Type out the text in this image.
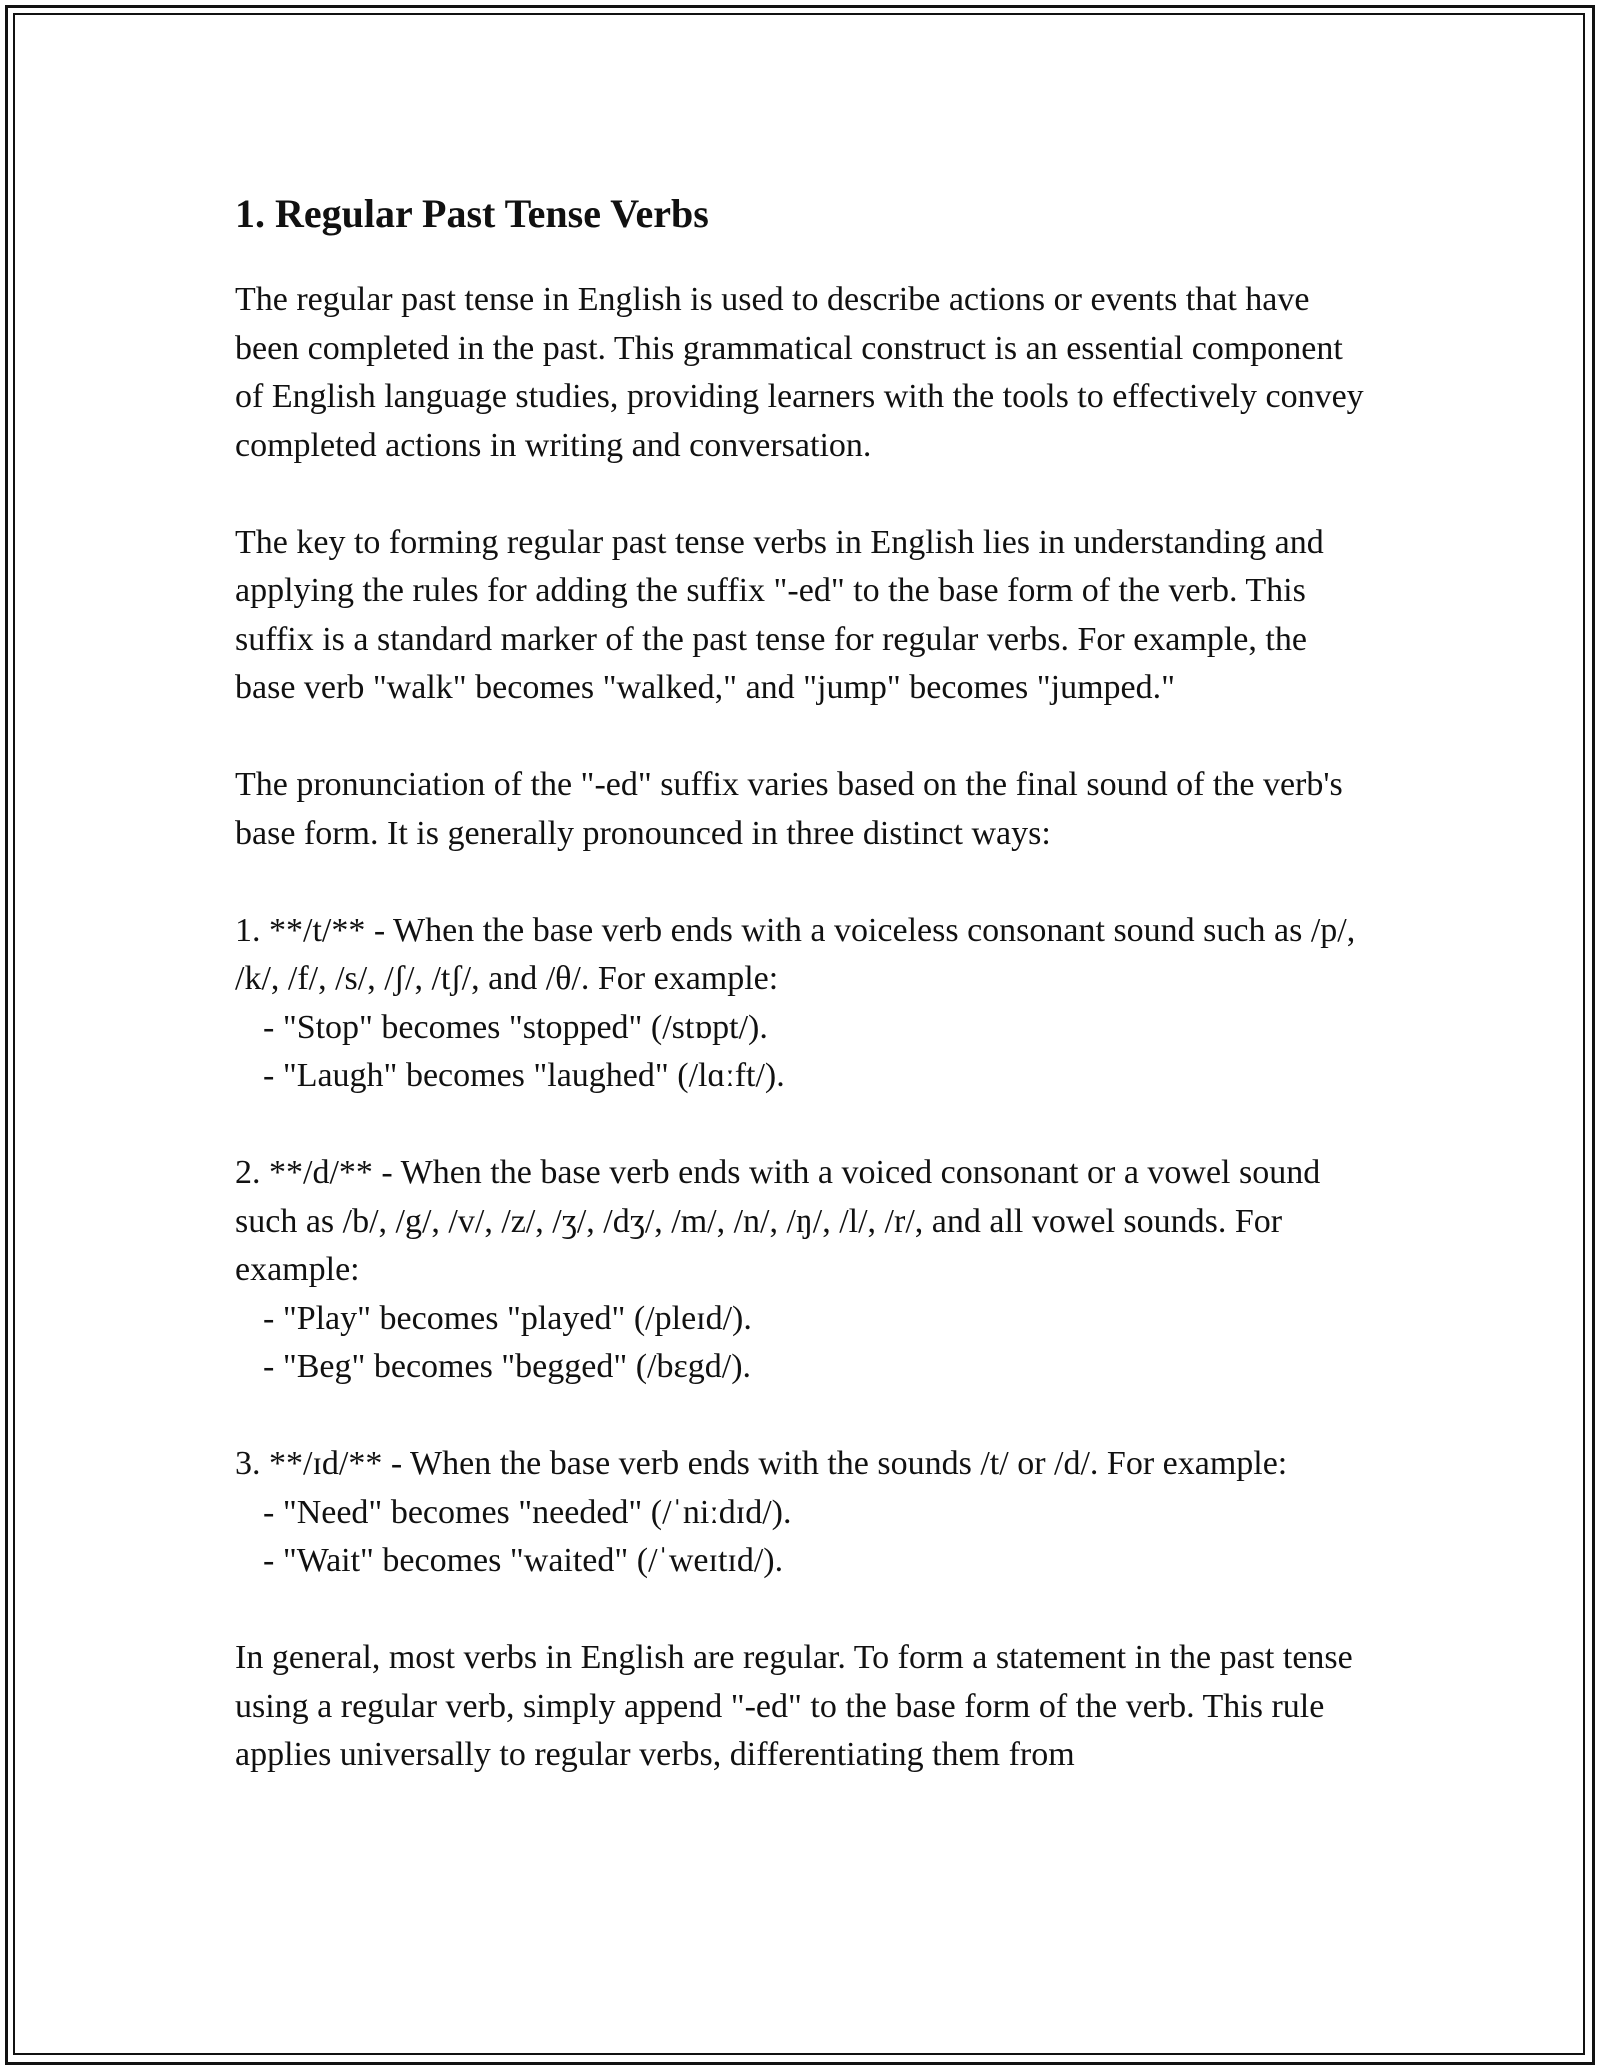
1. Regular Past Tense Verbs

The regular past tense in English is used to describe actions or events that have been completed in the past. This grammatical construct is an essential component of English language studies, providing learners with the tools to effectively convey completed actions in writing and conversation.

The key to forming regular past tense verbs in English lies in understanding and applying the rules for adding the suffix "-ed" to the base form of the verb. This suffix is a standard marker of the past tense for regular verbs. For example, the base verb "walk" becomes "walked," and "jump" becomes "jumped."

The pronunciation of the "-ed" suffix varies based on the final sound of the verb's base form. It is generally pronounced in three distinct ways:

1. **/t/** - When the base verb ends with a voiceless consonant sound such as /p/, /k/, /f/, /s/, /ʃ/, /tʃ/, and /θ/. For example:
- "Stop" becomes "stopped" (/stɒpt/).
- "Laugh" becomes "laughed" (/lɑːft/).
2. **/d/** - When the base verb ends with a voiced consonant or a vowel sound such as /b/, /g/, /v/, /z/, /ʒ/, /dʒ/, /m/, /n/, /ŋ/, /l/, /r/, and all vowel sounds. For example:
- "Play" becomes "played" (/pleɪd/).
- "Beg" becomes "begged" (/bɛgd/).
3. **/ɪd/** - When the base verb ends with the sounds /t/ or /d/. For example:
- "Need" becomes "needed" (/ˈniːdɪd/).
- "Wait" becomes "waited" (/ˈweɪtɪd/).

In general, most verbs in English are regular. To form a statement in the past tense using a regular verb, simply append "-ed" to the base form of the verb. This rule applies universally to regular verbs, differentiating them from
